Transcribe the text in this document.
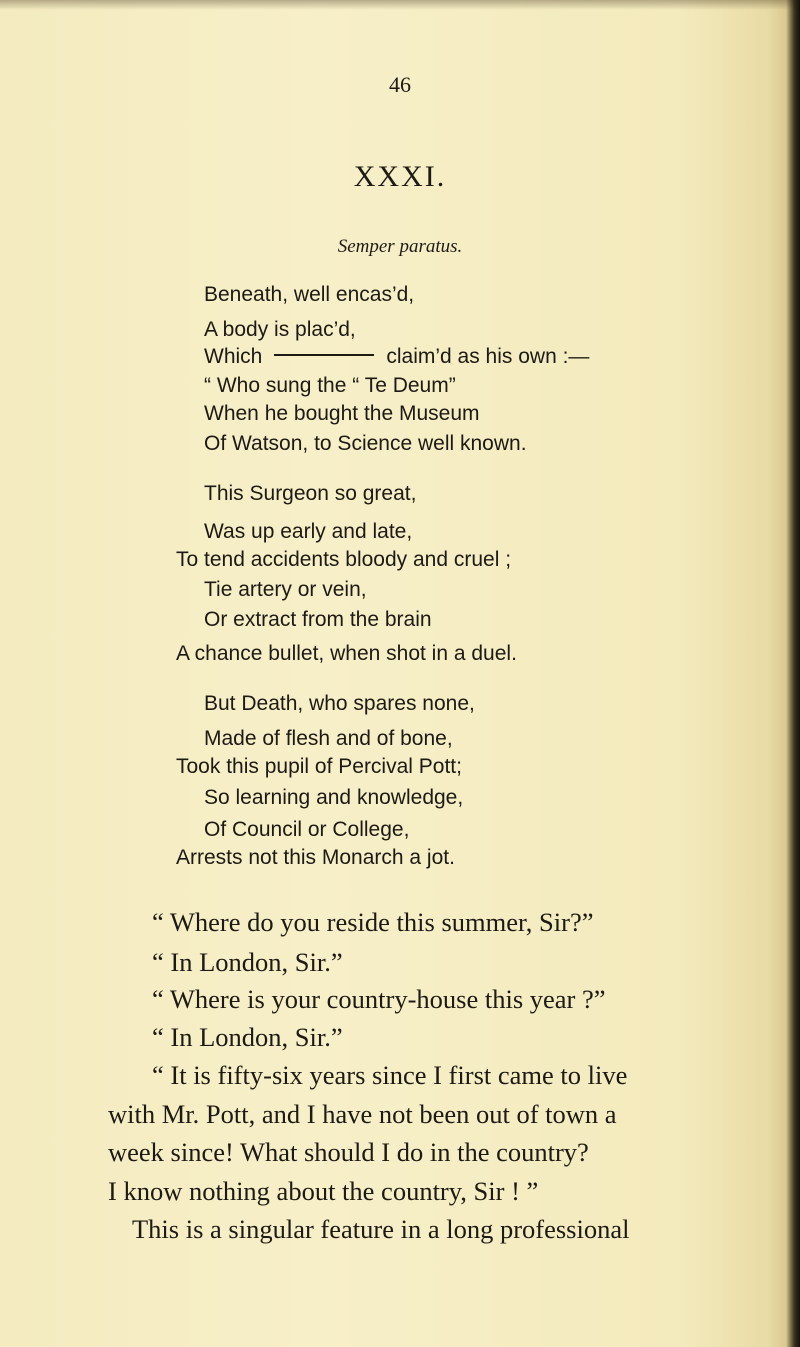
46
XXXI.
Semper paratus.
Beneath, well encas’d,
A body is plac’d,
Which	claim’d as his own :—
“ Who sung the “ Te Deum”
When he bought the Museum
Of Watson, to Science well known.
This Surgeon so great,
Was up early and late,
To tend accidents bloody and cruel ;
Tie artery or vein,
Or extract from the brain
A chance bullet, when shot in a duel.
But Death, who spares none,
Made of flesh and of bone,
Took this pupil of Percival Pott;
So learning and knowledge,
Of Council or College,
Arrests not this Monarch a jot.
“ Where do you reside this summer, Sir?”
“ In London, Sir.”
“ Where is your country-house this year ?”
“ In London, Sir.”
“ It is fifty-six years since I first came to live
with Mr. Pott, and I have not been out of town a
week since! What should I do in the country?
I know nothing about the country, Sir ! ”
This is a singular feature in a long professional
